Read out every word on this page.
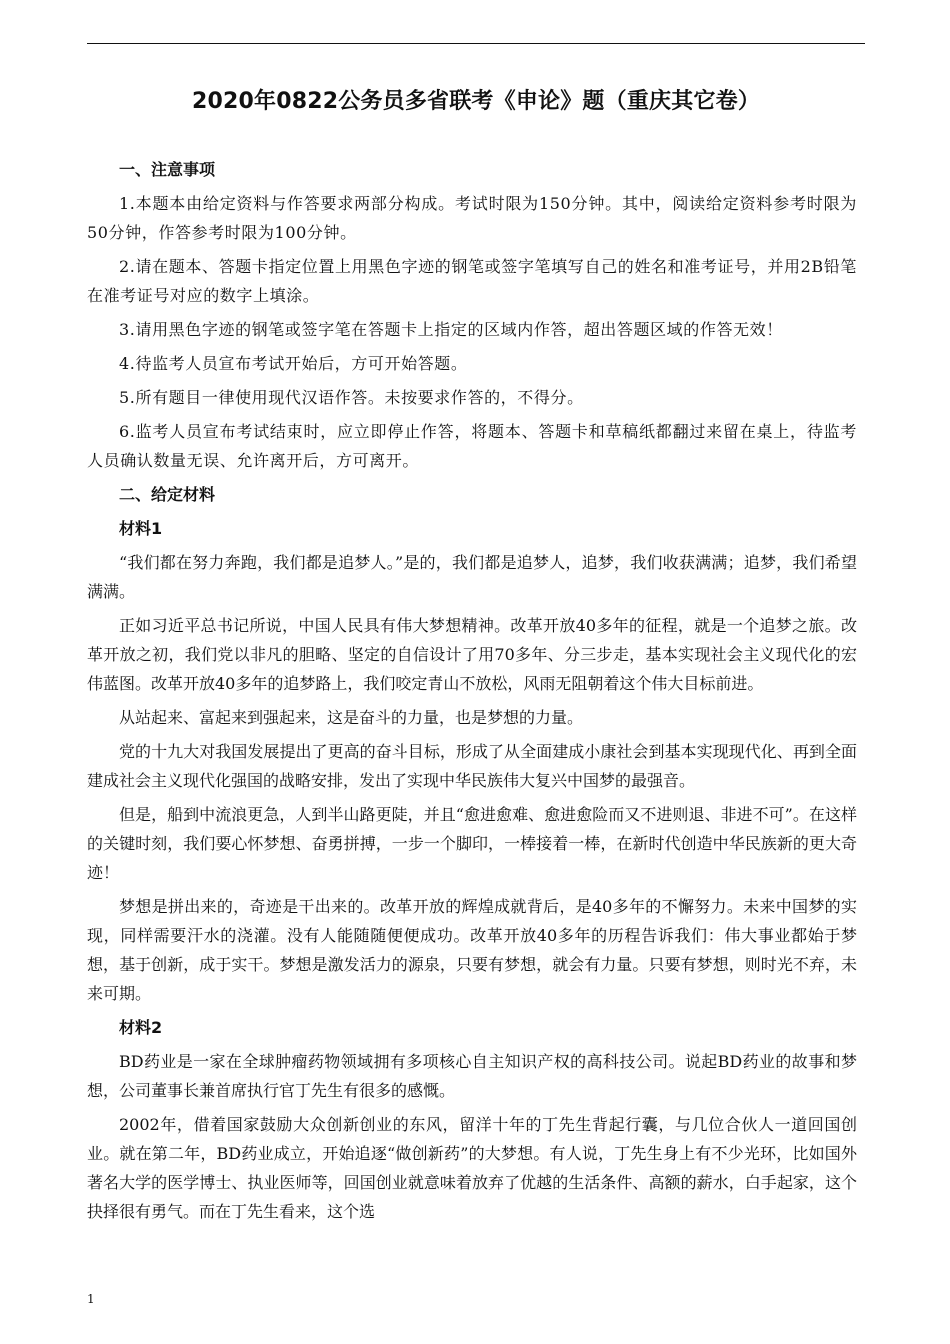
2020年0822公务员多省联考《申论》题（重庆其它卷）
一、注意事项
1.本题本由给定资料与作答要求两部分构成。考试时限为150分钟。其中，阅读给定资料参考时限为50分钟，作答参考时限为100分钟。
2.请在题本、答题卡指定位置上用黑色字迹的钢笔或签字笔填写自己的姓名和准考证号，并用2B铅笔在准考证号对应的数字上填涂。
3.请用黑色字迹的钢笔或签字笔在答题卡上指定的区域内作答，超出答题区域的作答无效！
4.待监考人员宣布考试开始后，方可开始答题。
5.所有题目一律使用现代汉语作答。未按要求作答的，不得分。
6.监考人员宣布考试结束时，应立即停止作答，将题本、答题卡和草稿纸都翻过来留在桌上，待监考人员确认数量无误、允许离开后，方可离开。
二、给定材料
材料1
“我们都在努力奔跑，我们都是追梦人。”是的，我们都是追梦人，追梦，我们收获满满；追梦，我们希望满满。
正如习近平总书记所说，中国人民具有伟大梦想精神。改革开放40多年的征程，就是一个追梦之旅。改革开放之初，我们党以非凡的胆略、坚定的自信设计了用70多年、分三步走，基本实现社会主义现代化的宏伟蓝图。改革开放40多年的追梦路上，我们咬定青山不放松，风雨无阻朝着这个伟大目标前进。
从站起来、富起来到强起来，这是奋斗的力量，也是梦想的力量。
党的十九大对我国发展提出了更高的奋斗目标，形成了从全面建成小康社会到基本实现现代化、再到全面建成社会主义现代化强国的战略安排，发出了实现中华民族伟大复兴中国梦的最强音。
但是，船到中流浪更急，人到半山路更陡，并且“愈进愈难、愈进愈险而又不进则退、非进不可”。在这样的关键时刻，我们要心怀梦想、奋勇拼搏，一步一个脚印，一棒接着一棒，在新时代创造中华民族新的更大奇迹！
梦想是拼出来的，奇迹是干出来的。改革开放的辉煌成就背后，是40多年的不懈努力。未来中国梦的实现，同样需要汗水的浇灌。没有人能随随便便成功。改革开放40多年的历程告诉我们：伟大事业都始于梦想，基于创新，成于实干。梦想是激发活力的源泉，只要有梦想，就会有力量。只要有梦想，则时光不弃，未来可期。
材料2
BD药业是一家在全球肿瘤药物领域拥有多项核心自主知识产权的高科技公司。说起BD药业的故事和梦想，公司董事长兼首席执行官丁先生有很多的感慨。
2002年，借着国家鼓励大众创新创业的东风，留洋十年的丁先生背起行囊，与几位合伙人一道回国创业。就在第二年，BD药业成立，开始追逐“做创新药”的大梦想。有人说，丁先生身上有不少光环，比如国外著名大学的医学博士、执业医师等，回国创业就意味着放弃了优越的生活条件、高额的薪水，白手起家，这个抉择很有勇气。而在丁先生看来，这个选
1
